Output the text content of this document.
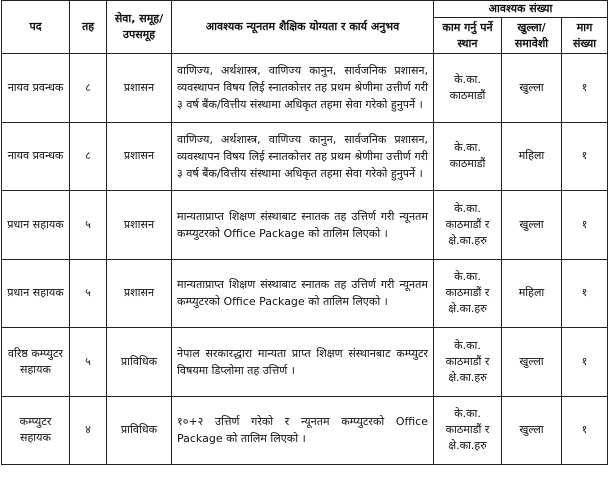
पद	तह	सेवा, समूह/ उपसमूह	आवश्यक न्यूनतम शैक्षिक योग्यता र कार्य अनुभव	आवश्यक संख्या		
				काम गर्नु पर्ने स्थान	खुल्ला/ समावेशी	माग संख्या
नायव प्रवन्धक	८	प्रशासन	वाणिज्य, अर्थशास्त्र, वाणिज्य कानुन, सार्वजनिक प्रशासन, व्यवस्थापन विषय लिई स्नातकोत्तर तह प्रथम श्रेणीमा उत्तीर्ण गरी ३ वर्ष बैंक/वित्तीय संस्थामा अधिकृत तहमा सेवा गरेको हुनुपर्ने ।	के.का. काठमाडौं	खुल्ला	१
नायव प्रवन्धक	८	प्रशासन	वाणिज्य, अर्थशास्त्र, वाणिज्य कानुन, सार्वजनिक प्रशासन, व्यवस्थापन विषय लिई स्नातकोत्तर तह प्रथम श्रेणीमा उत्तीर्ण गरी ३ वर्ष बैंक/वित्तीय संस्थामा अधिकृत तहमा सेवा गरेको हुनुपर्ने ।	के.का. काठमाडौं	महिला	१
प्रधान सहायक	५	प्रशासन	मान्यताप्राप्त शिक्षण संस्थाबाट स्नातक तह उत्तिर्ण गरी न्यूनतम कम्प्युटरको Office Package को तालिम लिएको ।	के.का. काठमाडौं र क्षे.का.हरु	खुल्ला	१
प्रधान सहायक	५	प्रशासन	मान्यताप्राप्त शिक्षण संस्थाबाट स्नातक तह उत्तिर्ण गरी न्यूनतम कम्प्युटरको Office Package को तालिम लिएको ।	के.का. काठमाडौं र क्षे.का.हरु	महिला	१
वरिष्ठ कम्प्युटर सहायक	५	प्राविधिक	नेपाल सरकारद्धारा मान्यता प्राप्त शिक्षण संस्थानबाट कम्प्युटर विषयमा डिप्लोमा तह उत्तिर्ण ।	के.का. काठमाडौं र क्षे.का.हरु	खुल्ला	१
कम्प्युटर सहायक	४	प्राविधिक	१०+२ उत्तिर्ण गरेको र न्यूनतम कम्प्युटरको Office Package को तालिम लिएको ।	के.का. काठमाडौं र क्षे.का.हरु	खुल्ला	१
